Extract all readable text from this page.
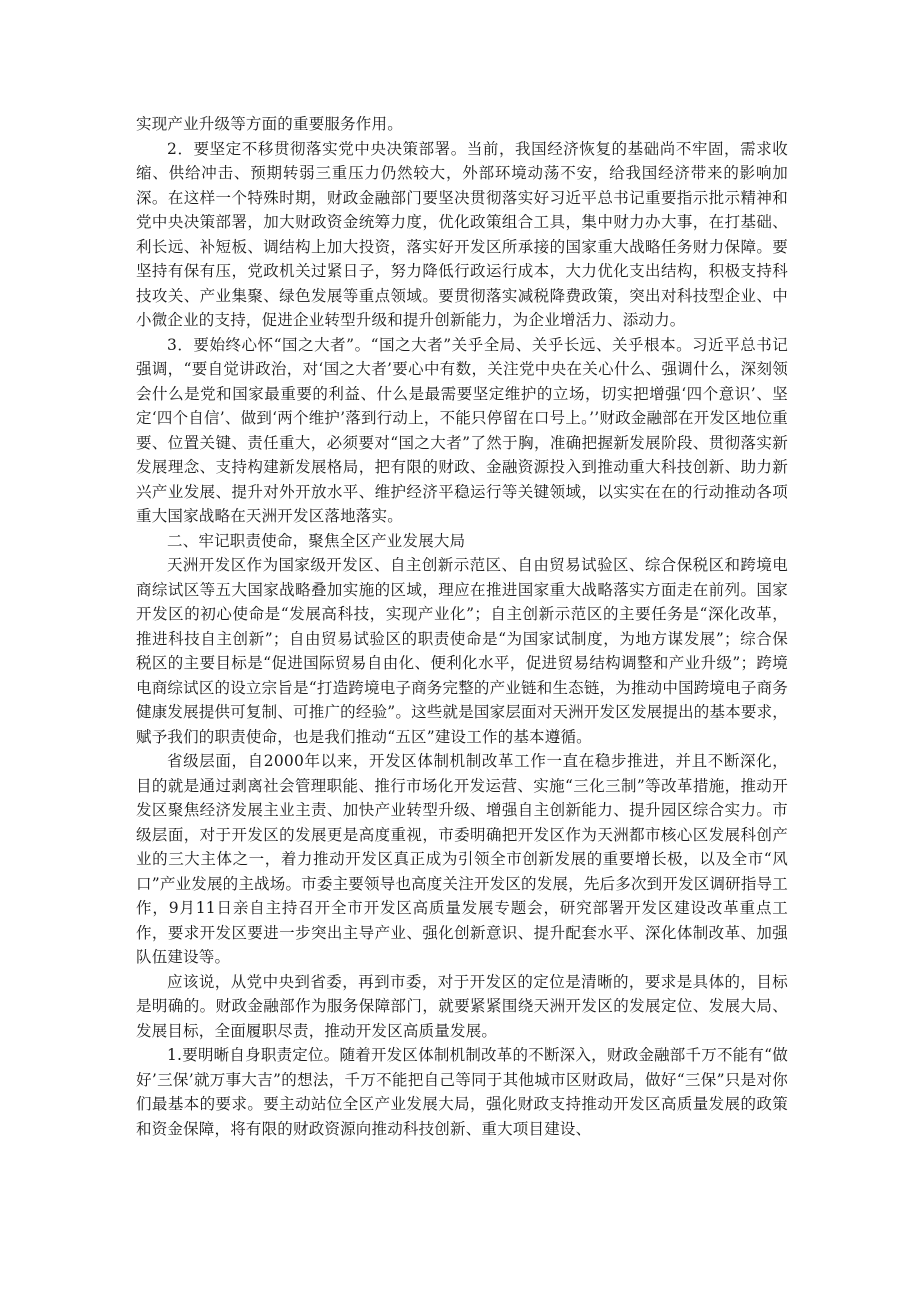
实现产业升级等方面的重要服务作用。

2．要坚定不移贯彻落实党中央决策部署。当前，我国经济恢复的基础尚不牢固，需求收缩、供给冲击、预期转弱三重压力仍然较大，外部环境动荡不安，给我国经济带来的影响加深。在这样一个特殊时期，财政金融部门要坚决贯彻落实好习近平总书记重要指示批示精神和党中央决策部署，加大财政资金统筹力度，优化政策组合工具，集中财力办大事，在打基础、利长远、补短板、调结构上加大投资，落实好开发区所承接的国家重大战略任务财力保障。要坚持有保有压，党政机关过紧日子，努力降低行政运行成本，大力优化支出结构，积极支持科技攻关、产业集聚、绿色发展等重点领域。要贯彻落实减税降费政策，突出对科技型企业、中小微企业的支持，促进企业转型升级和提升创新能力，为企业增活力、添动力。

3．要始终心怀“国之大者”。“国之大者”关乎全局、关乎长远、关乎根本。习近平总书记强调，“要自觉讲政治，对‘国之大者’要心中有数，关注党中央在关心什么、强调什么，深刻领会什么是党和国家最重要的利益、什么是最需要坚定维护的立场，切实把增强‘四个意识’、坚定‘四个自信’、做到‘两个维护’落到行动上，不能只停留在口号上。’’财政金融部在开发区地位重要、位置关键、责任重大，必须要对“国之大者”了然于胸，准确把握新发展阶段、贯彻落实新发展理念、支持构建新发展格局，把有限的财政、金融资源投入到推动重大科技创新、助力新兴产业发展、提升对外开放水平、维护经济平稳运行等关键领域，以实实在在的行动推动各项重大国家战略在天洲开发区落地落实。

二、牢记职责使命，聚焦全区产业发展大局

天洲开发区作为国家级开发区、自主创新示范区、自由贸易试验区、综合保税区和跨境电商综试区等五大国家战略叠加实施的区域，理应在推进国家重大战略落实方面走在前列。国家开发区的初心使命是“发展高科技，实现产业化”；自主创新示范区的主要任务是“深化改革，推进科技自主创新”；自由贸易试验区的职责使命是“为国家试制度，为地方谋发展”；综合保税区的主要目标是“促进国际贸易自由化、便利化水平，促进贸易结构调整和产业升级”；跨境电商综试区的设立宗旨是“打造跨境电子商务完整的产业链和生态链，为推动中国跨境电子商务健康发展提供可复制、可推广的经验”。这些就是国家层面对天洲开发区发展提出的基本要求，赋予我们的职责使命，也是我们推动“五区”建设工作的基本遵循。

省级层面，自2000年以来，开发区体制机制改革工作一直在稳步推进，并且不断深化，目的就是通过剥离社会管理职能、推行市场化开发运营、实施“三化三制”等改革措施，推动开发区聚焦经济发展主业主责、加快产业转型升级、增强自主创新能力、提升园区综合实力。市级层面，对于开发区的发展更是高度重视，市委明确把开发区作为天洲都市核心区发展科创产业的三大主体之一，着力推动开发区真正成为引领全市创新发展的重要增长极，以及全市“风口”产业发展的主战场。市委主要领导也高度关注开发区的发展，先后多次到开发区调研指导工作，9月11日亲自主持召开全市开发区高质量发展专题会，研究部署开发区建设改革重点工作，要求开发区要进一步突出主导产业、强化创新意识、提升配套水平、深化体制改革、加强队伍建设等。

应该说，从党中央到省委，再到市委，对于开发区的定位是清晰的，要求是具体的，目标是明确的。财政金融部作为服务保障部门，就要紧紧围绕天洲开发区的发展定位、发展大局、发展目标，全面履职尽责，推动开发区高质量发展。

1.要明晰自身职责定位。随着开发区体制机制改革的不断深入，财政金融部千万不能有“做好’三保’就万事大吉”的想法，千万不能把自己等同于其他城市区财政局，做好“三保”只是对你们最基本的要求。要主动站位全区产业发展大局，强化财政支持推动开发区高质量发展的政策和资金保障，将有限的财政资源向推动科技创新、重大项目建设、
